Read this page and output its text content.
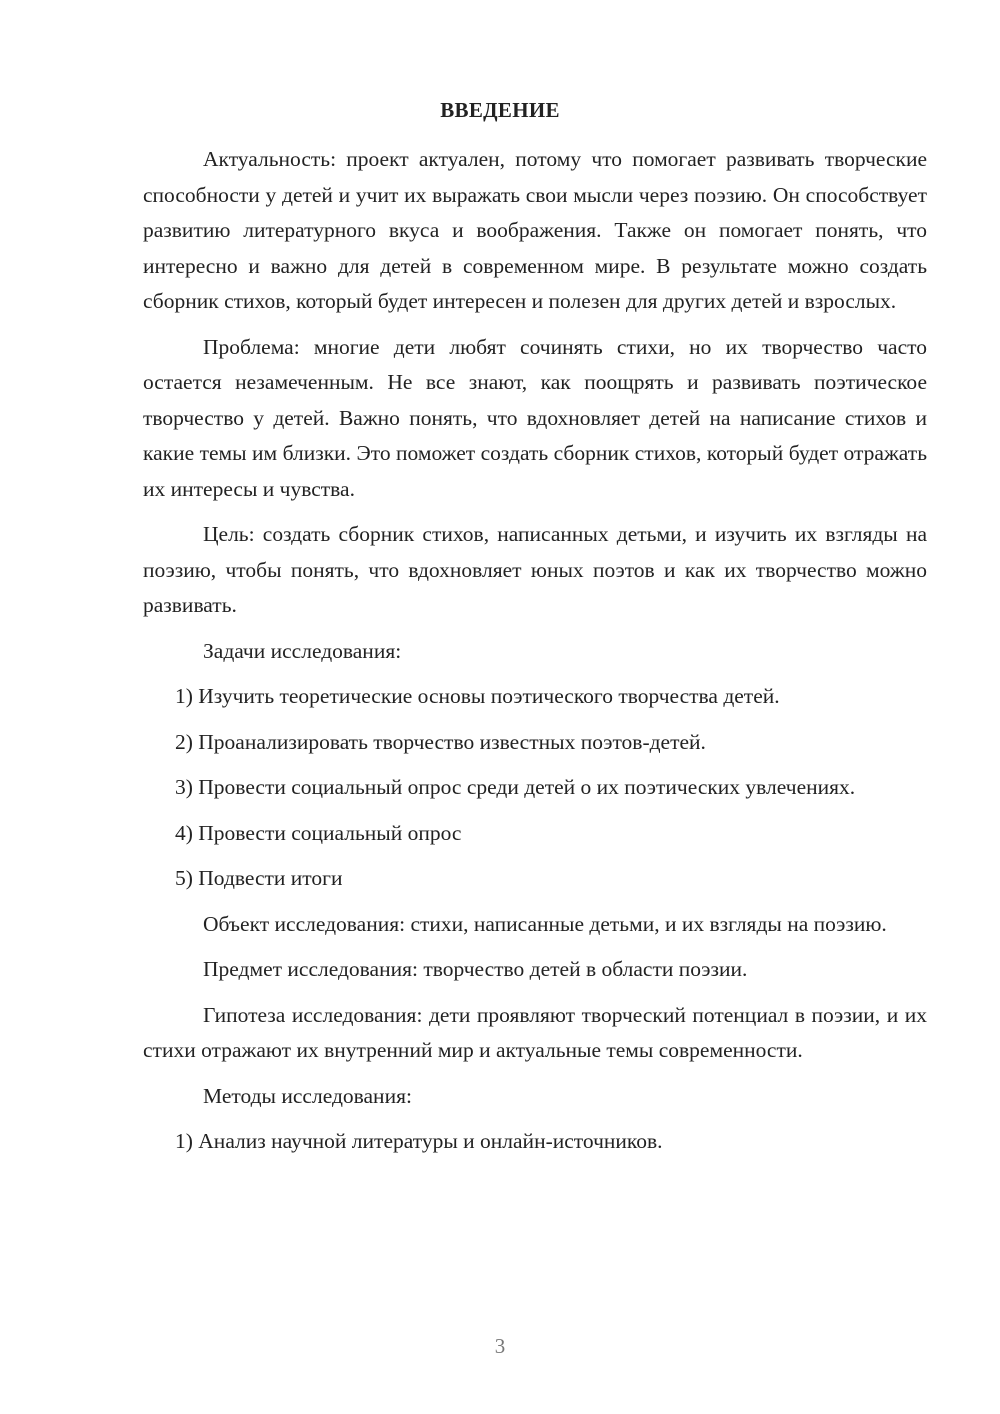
ВВЕДЕНИЕ

Актуальность: проект актуален, потому что помогает развивать творческие способности у детей и учит их выражать свои мысли через поэзию. Он способствует развитию литературного вкуса и воображения. Также он помогает понять, что интересно и важно для детей в современном мире. В результате можно создать сборник стихов, который будет интересен и полезен для других детей и взрослых.

Проблема: многие дети любят сочинять стихи, но их творчество часто остается незамеченным. Не все знают, как поощрять и развивать поэтическое творчество у детей. Важно понять, что вдохновляет детей на написание стихов и какие темы им близки. Это поможет создать сборник стихов, который будет отражать их интересы и чувства.

Цель: создать сборник стихов, написанных детьми, и изучить их взгляды на поэзию, чтобы понять, что вдохновляет юных поэтов и как их творчество можно развивать.

Задачи исследования:

1) Изучить теоретические основы поэтического творчества детей.

2) Проанализировать творчество известных поэтов-детей.

3) Провести социальный опрос среди детей о их поэтических увлечениях.

4) Провести социальный опрос

5) Подвести итоги

Объект исследования: стихи, написанные детьми, и их взгляды на поэзию.

Предмет исследования: творчество детей в области поэзии.

Гипотеза исследования: дети проявляют творческий потенциал в поэзии, и их стихи отражают их внутренний мир и актуальные темы современности.

Методы исследования:

1) Анализ научной литературы и онлайн-источников.

3
